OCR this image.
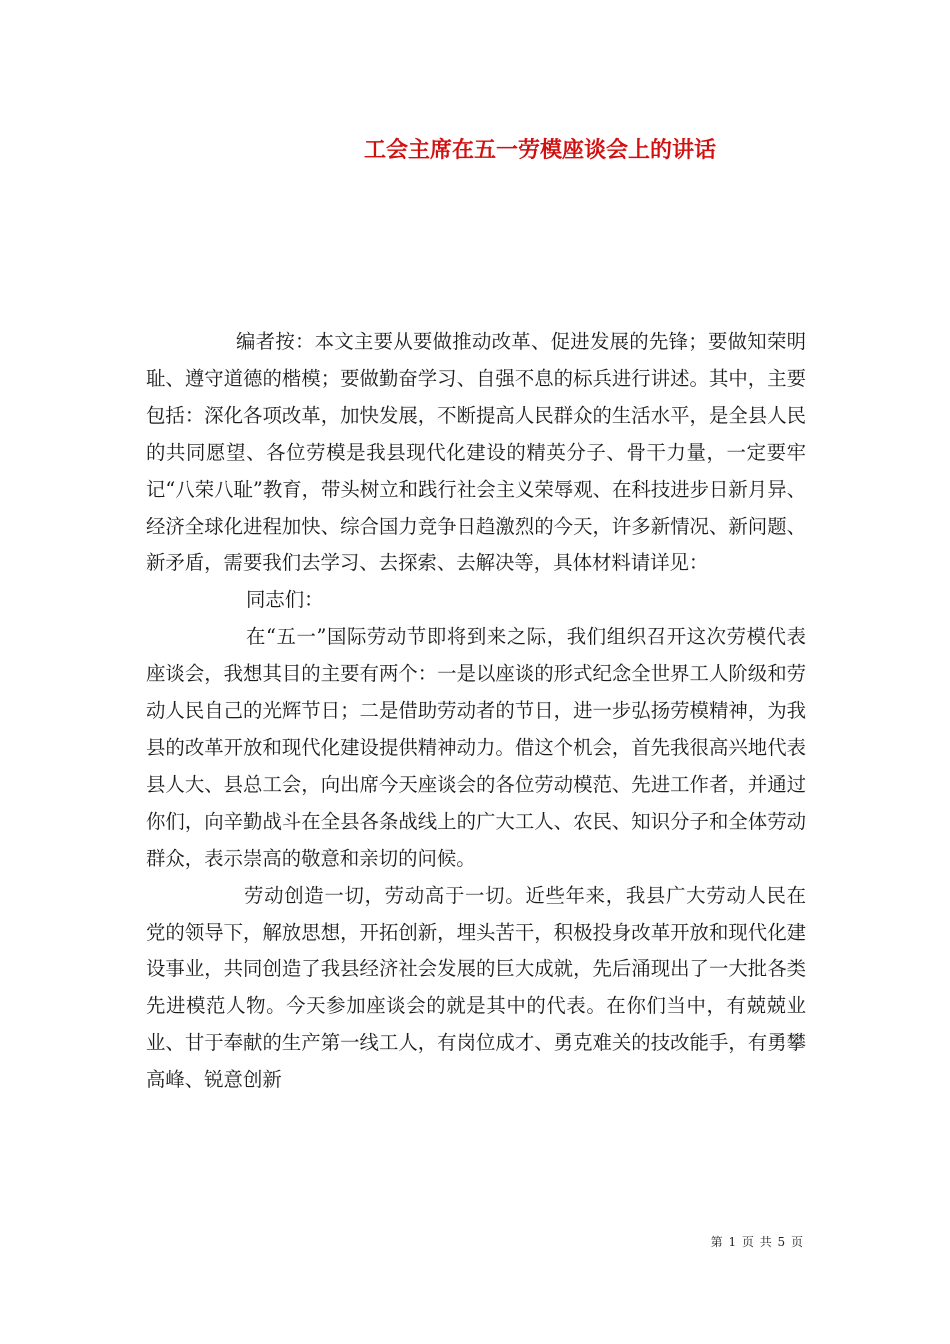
工会主席在五一劳模座谈会上的讲话

编者按：本文主要从要做推动改革、促进发展的先锋；要做知荣明耻、遵守道德的楷模；要做勤奋学习、自强不息的标兵进行讲述。其中，主要包括：深化各项改革，加快发展，不断提高人民群众的生活水平，是全县人民的共同愿望、各位劳模是我县现代化建设的精英分子、骨干力量，一定要牢记“八荣八耻”教育，带头树立和践行社会主义荣辱观、在科技进步日新月异、经济全球化进程加快、综合国力竞争日趋激烈的今天，许多新情况、新问题、新矛盾，需要我们去学习、去探索、去解决等，具体材料请详见：

同志们：

在“五一”国际劳动节即将到来之际，我们组织召开这次劳模代表座谈会，我想其目的主要有两个：一是以座谈的形式纪念全世界工人阶级和劳动人民自己的光辉节日；二是借助劳动者的节日，进一步弘扬劳模精神，为我县的改革开放和现代化建设提供精神动力。借这个机会，首先我很高兴地代表县人大、县总工会，向出席今天座谈会的各位劳动模范、先进工作者，并通过你们，向辛勤战斗在全县各条战线上的广大工人、农民、知识分子和全体劳动群众，表示崇高的敬意和亲切的问候。

劳动创造一切，劳动高于一切。近些年来，我县广大劳动人民在党的领导下，解放思想，开拓创新，埋头苦干，积极投身改革开放和现代化建设事业，共同创造了我县经济社会发展的巨大成就，先后涌现出了一大批各类先进模范人物。今天参加座谈会的就是其中的代表。在你们当中，有兢兢业业、甘于奉献的生产第一线工人，有岗位成才、勇克难关的技改能手，有勇攀高峰、锐意创新

第 1 页 共 5 页
